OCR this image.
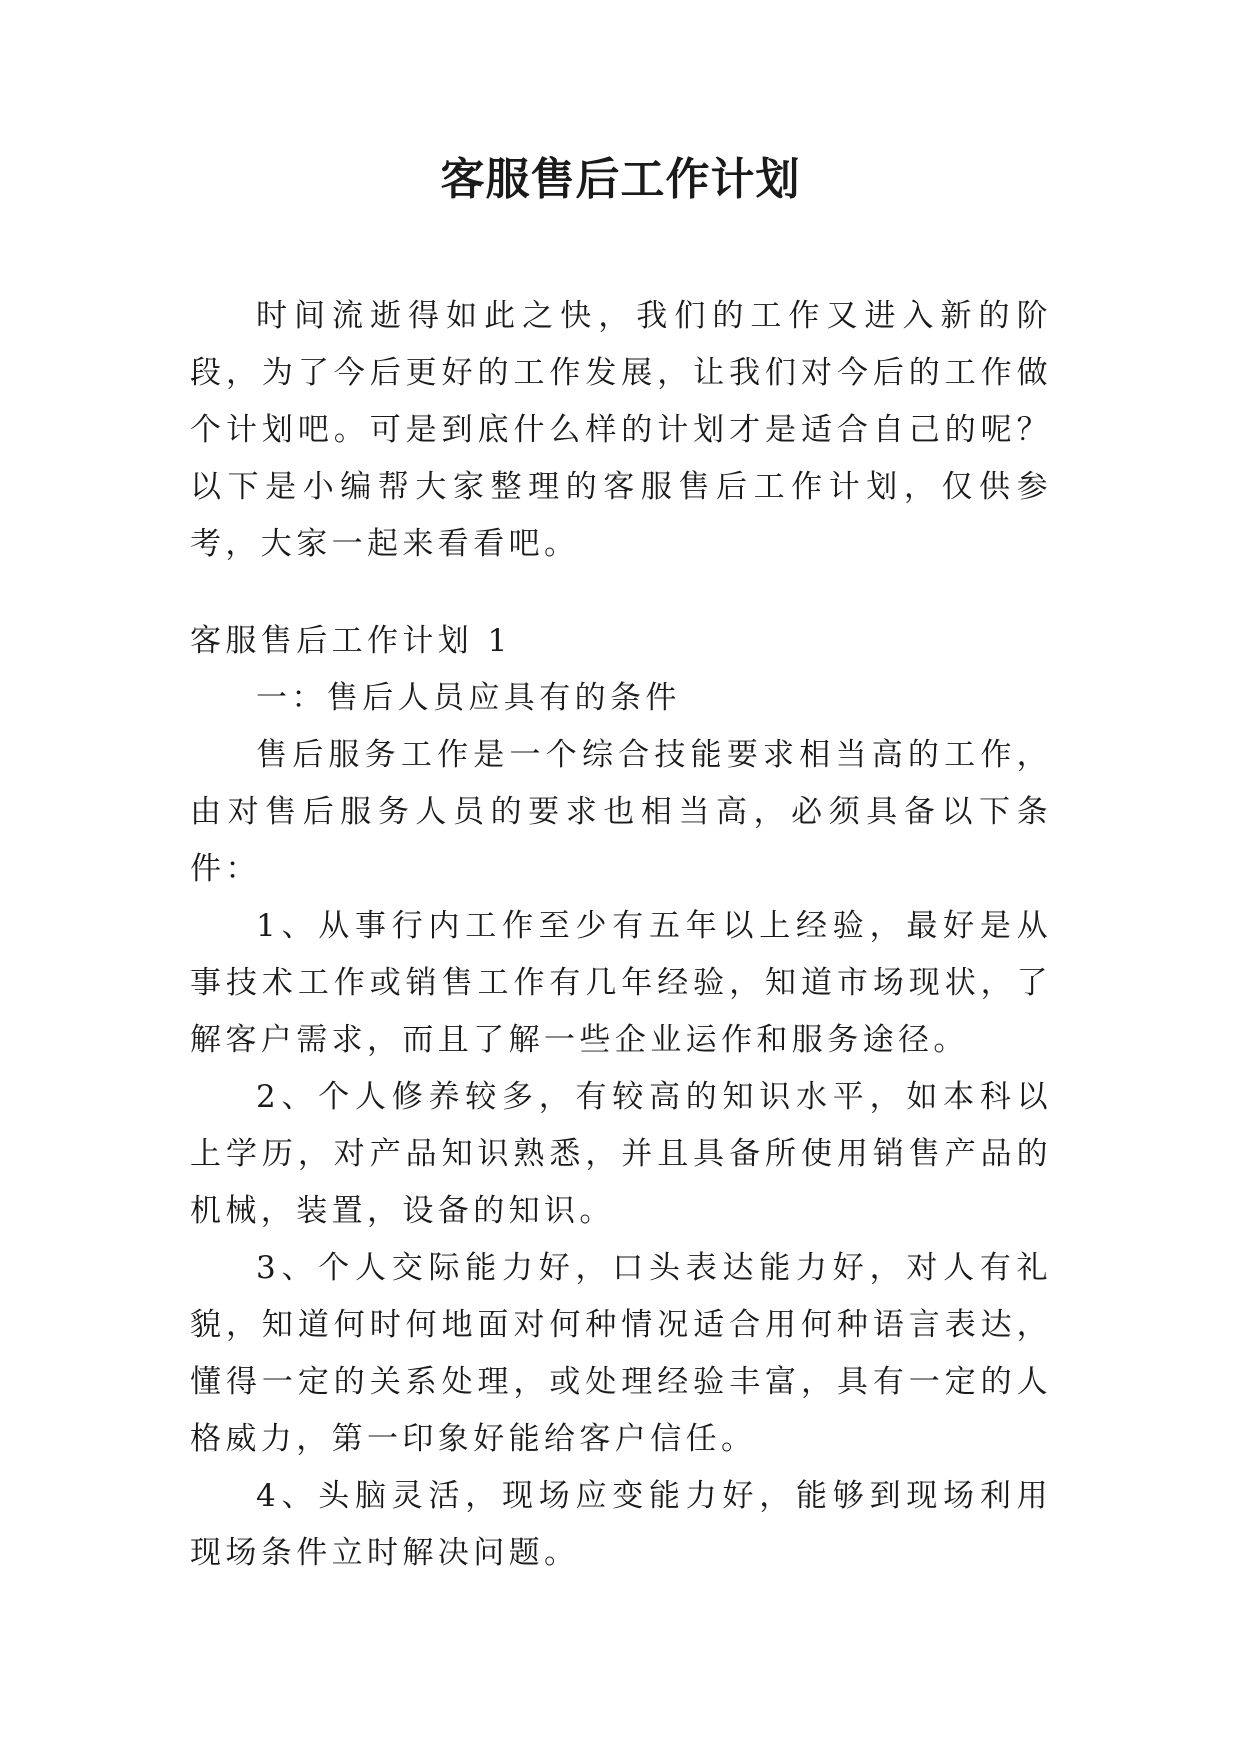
客服售后工作计划

时间流逝得如此之快，我们的工作又进入新的阶段，为了今后更好的工作发展，让我们对今后的工作做个计划吧。可是到底什么样的计划才是适合自己的呢？以下是小编帮大家整理的客服售后工作计划，仅供参考，大家一起来看看吧。

客服售后工作计划 1

一：售后人员应具有的条件

售后服务工作是一个综合技能要求相当高的工作，由对售后服务人员的要求也相当高，必须具备以下条件：

1、从事行内工作至少有五年以上经验，最好是从事技术工作或销售工作有几年经验，知道市场现状，了解客户需求，而且了解一些企业运作和服务途径。

2、个人修养较多，有较高的知识水平，如本科以上学历，对产品知识熟悉，并且具备所使用销售产品的机械，装置，设备的知识。

3、个人交际能力好，口头表达能力好，对人有礼貌，知道何时何地面对何种情况适合用何种语言表达，懂得一定的关系处理，或处理经验丰富，具有一定的人格威力，第一印象好能给客户信任。

4、头脑灵活，现场应变能力好，能够到现场利用现场条件立时解决问题。
